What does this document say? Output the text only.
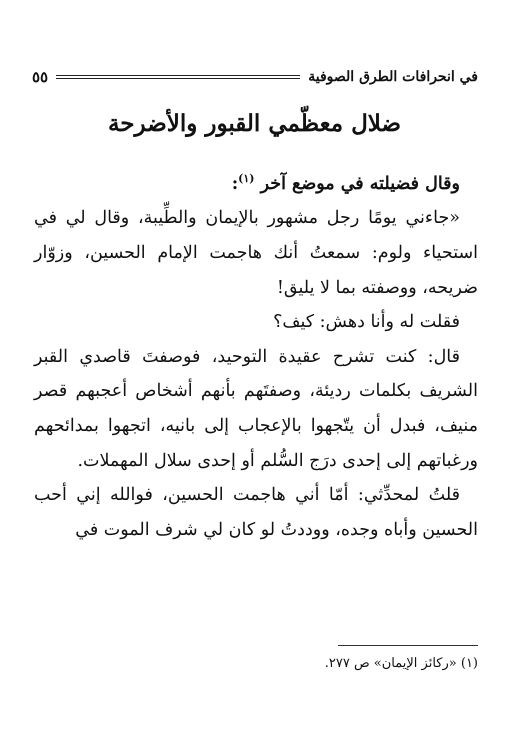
في انحرافات الطرق الصوفية
٥٥
ضلال معظّمي القبور والأضرحة

وقال فضيلته في موضع آخر $^{(١)}$:

«جاءني يومًا رجل مشهور بالإيمان والطِّيبة، وقال لي في استحياء ولوم: سمعتُ أنك هاجمت الإمام الحسين، وزوّار ضريحه، ووصفته بما لا يليق!

فقلت له وأنا دهش: كيف؟

قال: كنت تشرح عقيدة التوحيد، فوصفتَ قاصدي القبر الشريف بكلمات رديئة، وصفتَهم بأنهم أشخاص أعجبهم قصر منيف، فبدل أن يتّجهوا بالإعجاب إلى بانيه، اتجهوا بمدائحهم ورغباتهم إلى إحدى درَج السُّلم أو إحدى سلال المهملات.

قلتُ لمحدِّثي: أمّا أني هاجمت الحسين، فوالله إني أحب الحسين وأباه وجده، ووددتُ لو كان لي شرف الموت في

(١) «ركائز الإيمان» ص ٢٧٧.
